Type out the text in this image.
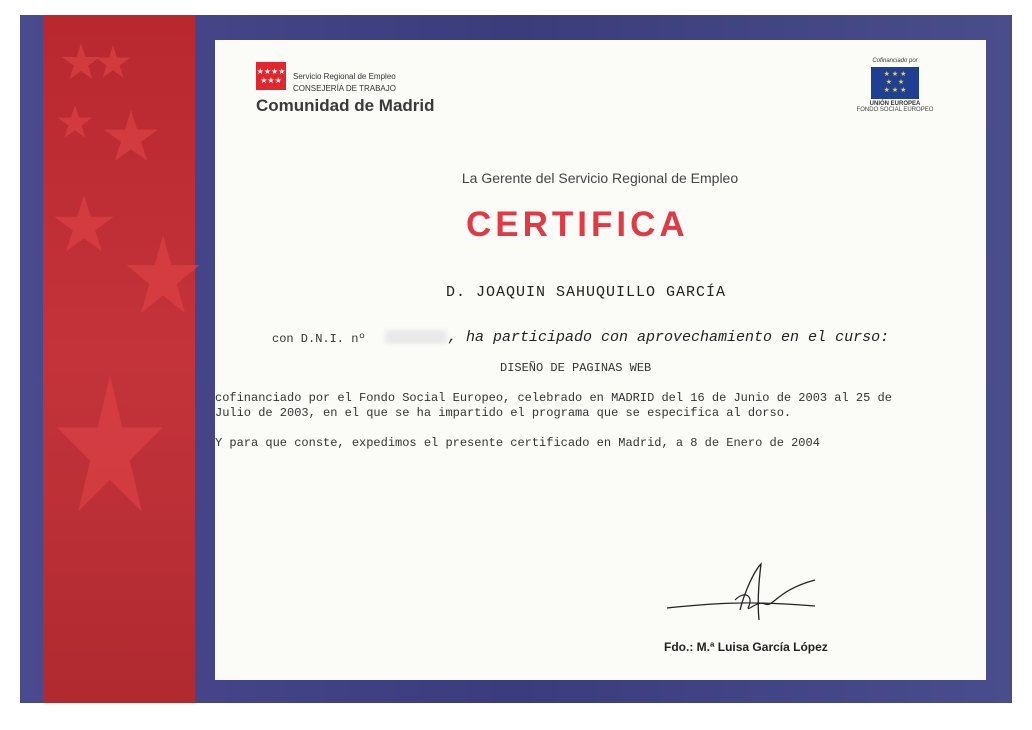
★★★★ ★★★	Servicio Regional de Empleo
CONSEJERÍA DE TRABAJO
Comunidad de Madrid
Cofinanciado por
★ ★ ★
★   ★
★ ★ ★
UNIÓN EUROPEA
FONDO SOCIAL EUROPEO
La Gerente del Servicio Regional de Empleo
CERTIFICA
D. JOAQUIN SAHUQUILLO GARCÍA
con D.N.I. nº	, ha participado con aprovechamiento en el curso:
DISEÑO DE PAGINAS WEB
cofinanciado por el Fondo Social Europeo, celebrado en MADRID del 16 de Junio de 2003 al 25 de
Julio de 2003, en el que se ha impartido el programa que se especifica al dorso.
Y para que conste, expedimos el presente certificado en Madrid, a 8 de Enero de 2004
Fdo.: M.ª Luisa García López
